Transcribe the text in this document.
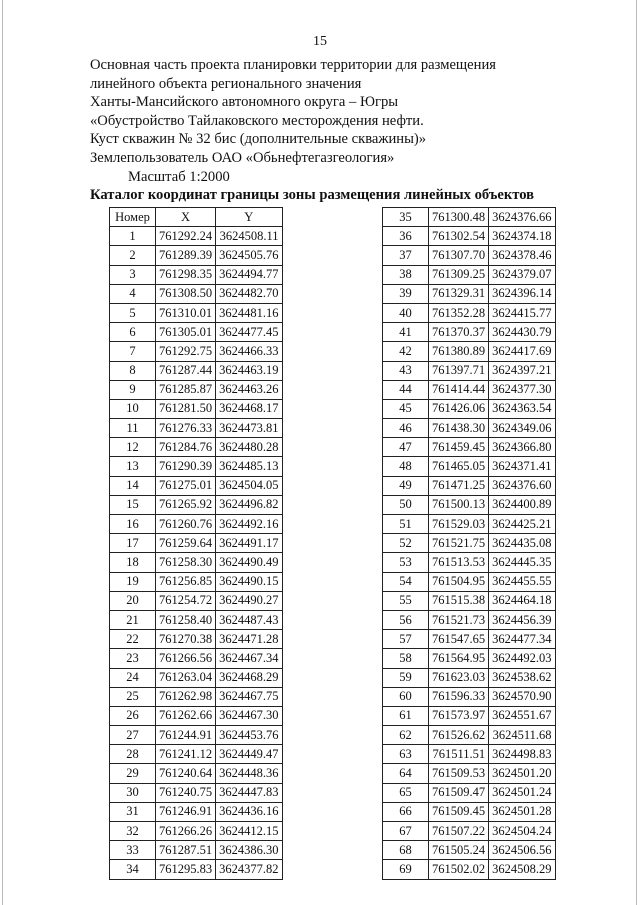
15
Основная часть проекта планировки территории для размещения
линейного объекта регионального значения
Ханты-Мансийского автономного округа – Югры
«Обустройство Тайлаковского месторождения нефти.
Куст скважин № 32 бис (дополнительные скважины)»
Землепользователь ОАО «Обьнефтегазгеология»
Масштаб 1:2000
Каталог координат границы зоны размещения линейных объектов
Номер	X	Y
1	761292.24	3624508.11
2	761289.39	3624505.76
3	761298.35	3624494.77
4	761308.50	3624482.70
5	761310.01	3624481.16
6	761305.01	3624477.45
7	761292.75	3624466.33
8	761287.44	3624463.19
9	761285.87	3624463.26
10	761281.50	3624468.17
11	761276.33	3624473.81
12	761284.76	3624480.28
13	761290.39	3624485.13
14	761275.01	3624504.05
15	761265.92	3624496.82
16	761260.76	3624492.16
17	761259.64	3624491.17
18	761258.30	3624490.49
19	761256.85	3624490.15
20	761254.72	3624490.27
21	761258.40	3624487.43
22	761270.38	3624471.28
23	761266.56	3624467.34
24	761263.04	3624468.29
25	761262.98	3624467.75
26	761262.66	3624467.30
27	761244.91	3624453.76
28	761241.12	3624449.47
29	761240.64	3624448.36
30	761240.75	3624447.83
31	761246.91	3624436.16
32	761266.26	3624412.15
33	761287.51	3624386.30
34	761295.83	3624377.82
35	761300.48	3624376.66
36	761302.54	3624374.18
37	761307.70	3624378.46
38	761309.25	3624379.07
39	761329.31	3624396.14
40	761352.28	3624415.77
41	761370.37	3624430.79
42	761380.89	3624417.69
43	761397.71	3624397.21
44	761414.44	3624377.30
45	761426.06	3624363.54
46	761438.30	3624349.06
47	761459.45	3624366.80
48	761465.05	3624371.41
49	761471.25	3624376.60
50	761500.13	3624400.89
51	761529.03	3624425.21
52	761521.75	3624435.08
53	761513.53	3624445.35
54	761504.95	3624455.55
55	761515.38	3624464.18
56	761521.73	3624456.39
57	761547.65	3624477.34
58	761564.95	3624492.03
59	761623.03	3624538.62
60	761596.33	3624570.90
61	761573.97	3624551.67
62	761526.62	3624511.68
63	761511.51	3624498.83
64	761509.53	3624501.20
65	761509.47	3624501.24
66	761509.45	3624501.28
67	761507.22	3624504.24
68	761505.24	3624506.56
69	761502.02	3624508.29
